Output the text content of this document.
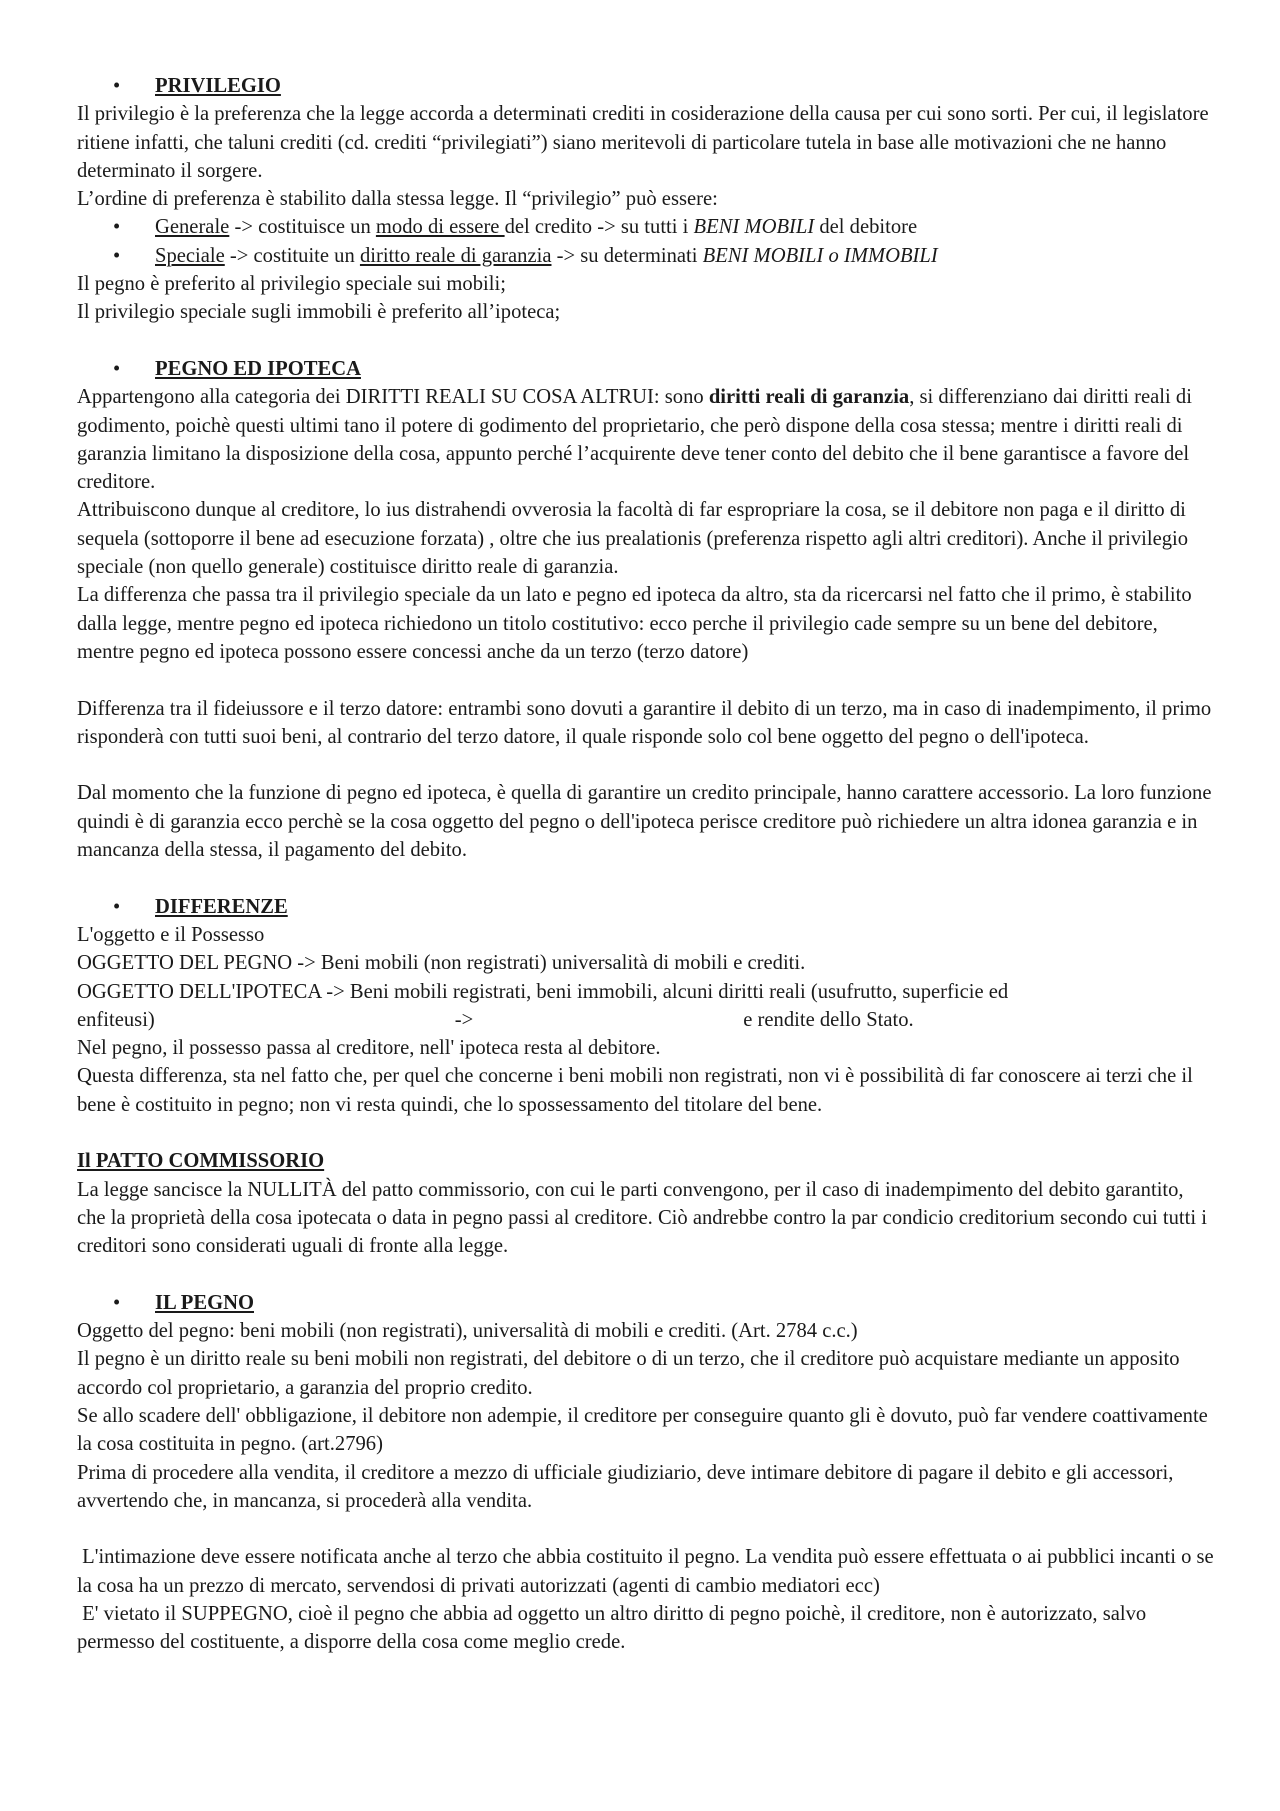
• PRIVILEGIO

Il privilegio è la preferenza che la legge accorda a determinati crediti in cosiderazione della causa per cui sono sorti. Per cui, il legislatore ritiene infatti, che taluni crediti (cd. crediti “privilegiati”) siano meritevoli di particolare tutela in base alle motivazioni che ne hanno determinato il sorgere.

L’ordine di preferenza è stabilito dalla stessa legge. Il “privilegio” può essere:

• Generale -> costituisce un modo di essere del credito -> su tutti i BENI MOBILI del debitore

• Speciale -> costituite un diritto reale di garanzia -> su determinati BENI MOBILI o IMMOBILI

Il pegno è preferito al privilegio speciale sui mobili;

Il privilegio speciale sugli immobili è preferito all’ipoteca;

• PEGNO ED IPOTECA

Appartengono alla categoria dei DIRITTI REALI SU COSA ALTRUI: sono diritti reali di garanzia, si differenziano dai diritti reali di godimento, poichè questi ultimi tano il potere di godimento del proprietario, che però dispone della cosa stessa; mentre i diritti reali di garanzia limitano la disposizione della cosa, appunto perché l’acquirente deve tener conto del debito che il bene garantisce a favore del creditore.

Attribuiscono dunque al creditore, lo ius distrahendi ovverosia la facoltà di far espropriare la cosa, se il debitore non paga e il diritto di sequela (sottoporre il bene ad esecuzione forzata) , oltre che ius prealationis (preferenza rispetto agli altri creditori). Anche il privilegio speciale (non quello generale) costituisce diritto reale di garanzia.

La differenza che passa tra il privilegio speciale da un lato e pegno ed ipoteca da altro, sta da ricercarsi nel fatto che il primo, è stabilito dalla legge, mentre pegno ed ipoteca richiedono un titolo costitutivo: ecco perche il privilegio cade sempre su un bene del debitore, mentre pegno ed ipoteca possono essere concessi anche da un terzo (terzo datore)

Differenza tra il fideiussore e il terzo datore: entrambi sono dovuti a garantire il debito di un terzo, ma in caso di inadempimento, il primo risponderà con tutti suoi beni, al contrario del terzo datore, il quale risponde solo col bene oggetto del pegno o dell'ipoteca.

Dal momento che la funzione di pegno ed ipoteca, è quella di garantire un credito principale, hanno carattere accessorio. La loro funzione quindi è di garanzia ecco perchè se la cosa oggetto del pegno o dell'ipoteca perisce creditore può richiedere un altra idonea garanzia e in mancanza della stessa, il pagamento del debito.

• DIFFERENZE

L'oggetto e il Possesso

OGGETTO DEL PEGNO -> Beni mobili (non registrati) universalità di mobili e crediti.

OGGETTO DELL'IPOTECA -> Beni mobili registrati, beni immobili, alcuni diritti reali (usufrutto, superficie ed

enfiteusi)	->	e rendite dello Stato.

Nel pegno, il possesso passa al creditore, nell' ipoteca resta al debitore.

Questa differenza, sta nel fatto che, per quel che concerne i beni mobili non registrati, non vi è possibilità di far conoscere ai terzi che il bene è costituito in pegno; non vi resta quindi, che lo spossessamento del titolare del bene.

Il PATTO COMMISSORIO

La legge sancisce la NULLITÀ del patto commissorio, con cui le parti convengono, per il caso di inadempimento del debito garantito, che la proprietà della cosa ipotecata o data in pegno passi al creditore. Ciò andrebbe contro la par condicio creditorium secondo cui tutti i creditori sono considerati uguali di fronte alla legge.

• IL PEGNO

Oggetto del pegno: beni mobili (non registrati), universalità di mobili e crediti. (Art. 2784 c.c.)

Il pegno è un diritto reale su beni mobili non registrati, del debitore o di un terzo, che il creditore può acquistare mediante un apposito accordo col proprietario, a garanzia del proprio credito.

Se allo scadere dell' obbligazione, il debitore non adempie, il creditore per conseguire quanto gli è dovuto, può far vendere coattivamente la cosa costituita in pegno. (art.2796)

Prima di procedere alla vendita, il creditore a mezzo di ufficiale giudiziario, deve intimare debitore di pagare il debito e gli accessori, avvertendo che, in mancanza, si procederà alla vendita.

L'intimazione deve essere notificata anche al terzo che abbia costituito il pegno. La vendita può essere effettuata o ai pubblici incanti o se la cosa ha un prezzo di mercato, servendosi di privati autorizzati (agenti di cambio mediatori ecc)

E' vietato il SUPPEGNO, cioè il pegno che abbia ad oggetto un altro diritto di pegno poichè, il creditore, non è autorizzato, salvo permesso del costituente, a disporre della cosa come meglio crede.
